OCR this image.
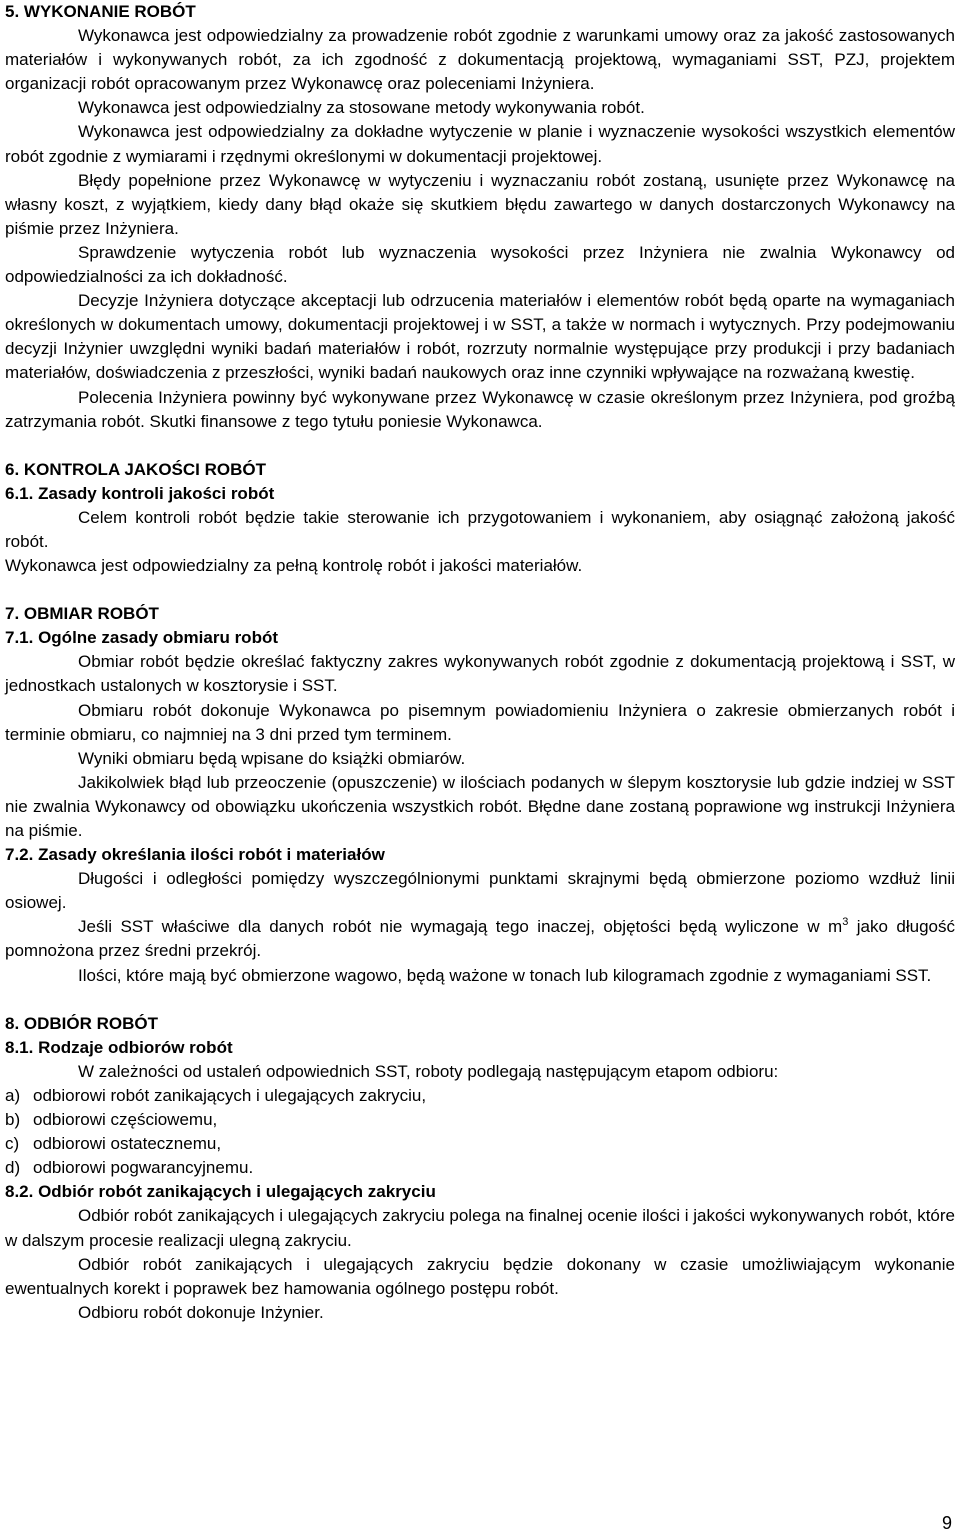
5. WYKONANIE ROBÓT

Wykonawca jest odpowiedzialny za prowadzenie robót zgodnie z warunkami umowy oraz za jakość zastosowanych materiałów i wykonywanych robót, za ich zgodność z dokumentacją projektową, wymaganiami SST, PZJ, projektem organizacji robót opracowanym przez Wykonawcę oraz poleceniami Inżyniera.

Wykonawca jest odpowiedzialny za stosowane metody wykonywania robót.

Wykonawca jest odpowiedzialny za dokładne wytyczenie w planie i wyznaczenie wysokości wszystkich elementów robót zgodnie z wymiarami i rzędnymi określonymi w dokumentacji projektowej.

Błędy popełnione przez Wykonawcę w wytyczeniu i wyznaczaniu robót zostaną, usunięte przez Wykonawcę na własny koszt, z wyjątkiem, kiedy dany błąd okaże się skutkiem błędu zawartego w danych dostarczonych Wykonawcy na piśmie przez Inżyniera.

Sprawdzenie wytyczenia robót lub wyznaczenia wysokości przez Inżyniera nie zwalnia Wykonawcy od odpowiedzialności za ich dokładność.

Decyzje Inżyniera dotyczące akceptacji lub odrzucenia materiałów i elementów robót będą oparte na wymaganiach określonych w dokumentach umowy, dokumentacji projektowej i w SST, a także w normach i wytycznych. Przy podejmowaniu decyzji Inżynier uwzględni wyniki badań materiałów i robót, rozrzuty normalnie występujące przy produkcji i przy badaniach materiałów, doświadczenia z przeszłości, wyniki badań naukowych oraz inne czynniki wpływające na rozważaną kwestię.

Polecenia Inżyniera powinny być wykonywane przez Wykonawcę w czasie określonym przez Inżyniera, pod groźbą zatrzymania robót. Skutki finansowe z tego tytułu poniesie Wykonawca.

6. KONTROLA JAKOŚCI ROBÓT

6.1. Zasady kontroli jakości robót

Celem kontroli robót będzie takie sterowanie ich przygotowaniem i wykonaniem, aby osiągnąć założoną jakość robót.

Wykonawca jest odpowiedzialny za pełną kontrolę robót i jakości materiałów.

7. OBMIAR ROBÓT

7.1. Ogólne zasady obmiaru robót

Obmiar robót będzie określać faktyczny zakres wykonywanych robót zgodnie z dokumentacją projektową i SST, w jednostkach ustalonych w kosztorysie i SST.

Obmiaru robót dokonuje Wykonawca po pisemnym powiadomieniu Inżyniera o zakresie obmierzanych robót i terminie obmiaru, co najmniej na 3 dni przed tym terminem.

Wyniki obmiaru będą wpisane do książki obmiarów.

Jakikolwiek błąd lub przeoczenie (opuszczenie) w ilościach podanych w ślepym kosztorysie lub gdzie indziej w SST nie zwalnia Wykonawcy od obowiązku ukończenia wszystkich robót. Błędne dane zostaną poprawione wg instrukcji Inżyniera na piśmie.

7.2. Zasady określania ilości robót i materiałów

Długości i odległości pomiędzy wyszczególnionymi punktami skrajnymi będą obmierzone poziomo wzdłuż linii osiowej.

Jeśli SST właściwe dla danych robót nie wymagają tego inaczej, objętości będą wyliczone w $m^3$ jako długość pomnożona przez średni przekrój.

Ilości, które mają być obmierzone wagowo, będą ważone w tonach lub kilogramach zgodnie z wymaganiami SST.

8. ODBIÓR ROBÓT

8.1. Rodzaje odbiorów robót

W zależności od ustaleń odpowiednich SST, roboty podlegają następującym etapom odbioru:

a) odbiorowi robót zanikających i ulegających zakryciu,
b) odbiorowi częściowemu,
c) odbiorowi ostatecznemu,
d) odbiorowi pogwarancyjnemu.

8.2. Odbiór robót zanikających i ulegających zakryciu

Odbiór robót zanikających i ulegających zakryciu polega na finalnej ocenie ilości i jakości wykonywanych robót, które w dalszym procesie realizacji ulegną zakryciu.

Odbiór robót zanikających i ulegających zakryciu będzie dokonany w czasie umożliwiającym wykonanie ewentualnych korekt i poprawek bez hamowania ogólnego postępu robót.

Odbioru robót dokonuje Inżynier.

9
